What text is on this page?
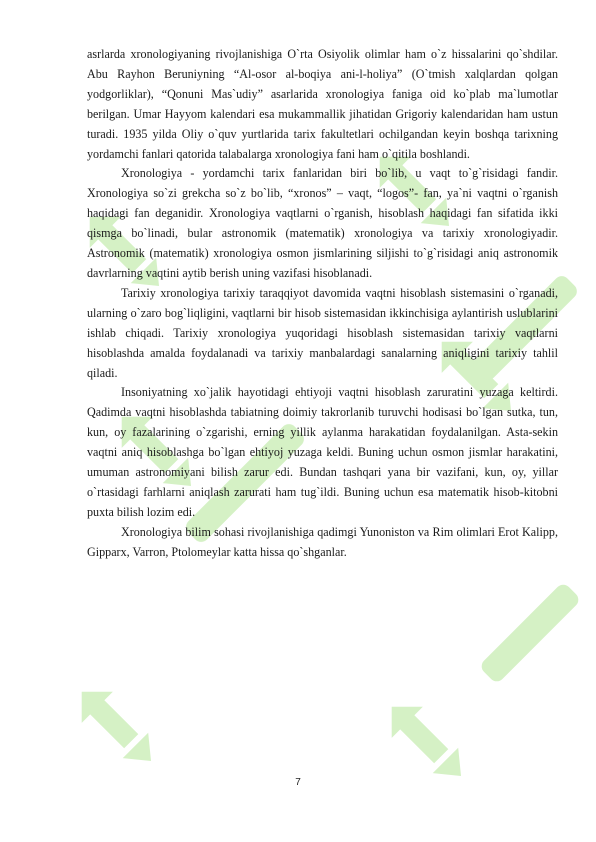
asrlarda xronologiyaning rivojlanishiga O`rta Osiyolik olimlar ham o`z hissalarini qo`shdilar. Abu Rayhon Beruniyning “Al-osor al-boqiya ani-l-holiya” (O`tmish xalqlardan qolgan yodgorliklar), “Qonuni Mas`udiy” asarlarida xronologiya faniga oid ko`plab ma`lumotlar berilgan. Umar Hayyom kalendari esa mukammallik jihatidan Grigoriy kalendaridan ham ustun turadi. 1935 yilda Oliy o`quv yurtlarida tarix fakultetlari ochilgandan keyin boshqa tarixning yordamchi fanlari qatorida talabalarga xronologiya fani ham o`qitila boshlandi.

Xronologiya - yordamchi tarix fanlaridan biri bo`lib, u vaqt to`g`risidagi fandir. Xronologiya so`zi grekcha so`z bo`lib, “xronos” – vaqt, “logos”- fan, ya`ni vaqtni o`rganish haqidagi fan deganidir. Xronologiya vaqtlarni o`rganish, hisoblash haqidagi fan sifatida ikki qismga bo`linadi, bular astronomik (matematik) xronologiya va tarixiy xronologiyadir. Astronomik (matematik) xronologiya osmon jismlarining siljishi to`g`risidagi aniq astronomik davrlarning vaqtini aytib berish uning vazifasi hisoblanadi.

Tarixiy xronologiya tarixiy taraqqiyot davomida vaqtni hisoblash sistemasini o`rganadi, ularning o`zaro bog`liqligini, vaqtlarni bir hisob sistemasidan ikkinchisiga aylantirish uslublarini ishlab chiqadi. Tarixiy xronologiya yuqoridagi hisoblash sistemasidan tarixiy vaqtlarni hisoblashda amalda foydalanadi va tarixiy manbalardagi sanalarning aniqligini tarixiy tahlil qiladi.

Insoniyatning xo`jalik hayotidagi ehtiyoji vaqtni hisoblash zaruratini yuzaga keltirdi. Qadimda vaqtni hisoblashda tabiatning doimiy takrorlanib turuvchi hodisasi bo`lgan sutka, tun, kun, oy fazalarining o`zgarishi, erning yillik aylanma harakatidan foydalanilgan. Asta-sekin vaqtni aniq hisoblashga bo`lgan ehtiyoj yuzaga keldi. Buning uchun osmon jismlar harakatini, umuman astronomiyani bilish zarur edi. Bundan tashqari yana bir vazifani, kun, oy, yillar o`rtasidagi farhlarni aniqlash zarurati ham tug`ildi. Buning uchun esa matematik hisob-kitobni puxta bilish lozim edi.

Xronologiya bilim sohasi rivojlanishiga qadimgi Yunoniston va Rim olimlari Erot Kalipp, Gipparx, Varron, Ptolomeylar katta hissa qo`shganlar.

7
